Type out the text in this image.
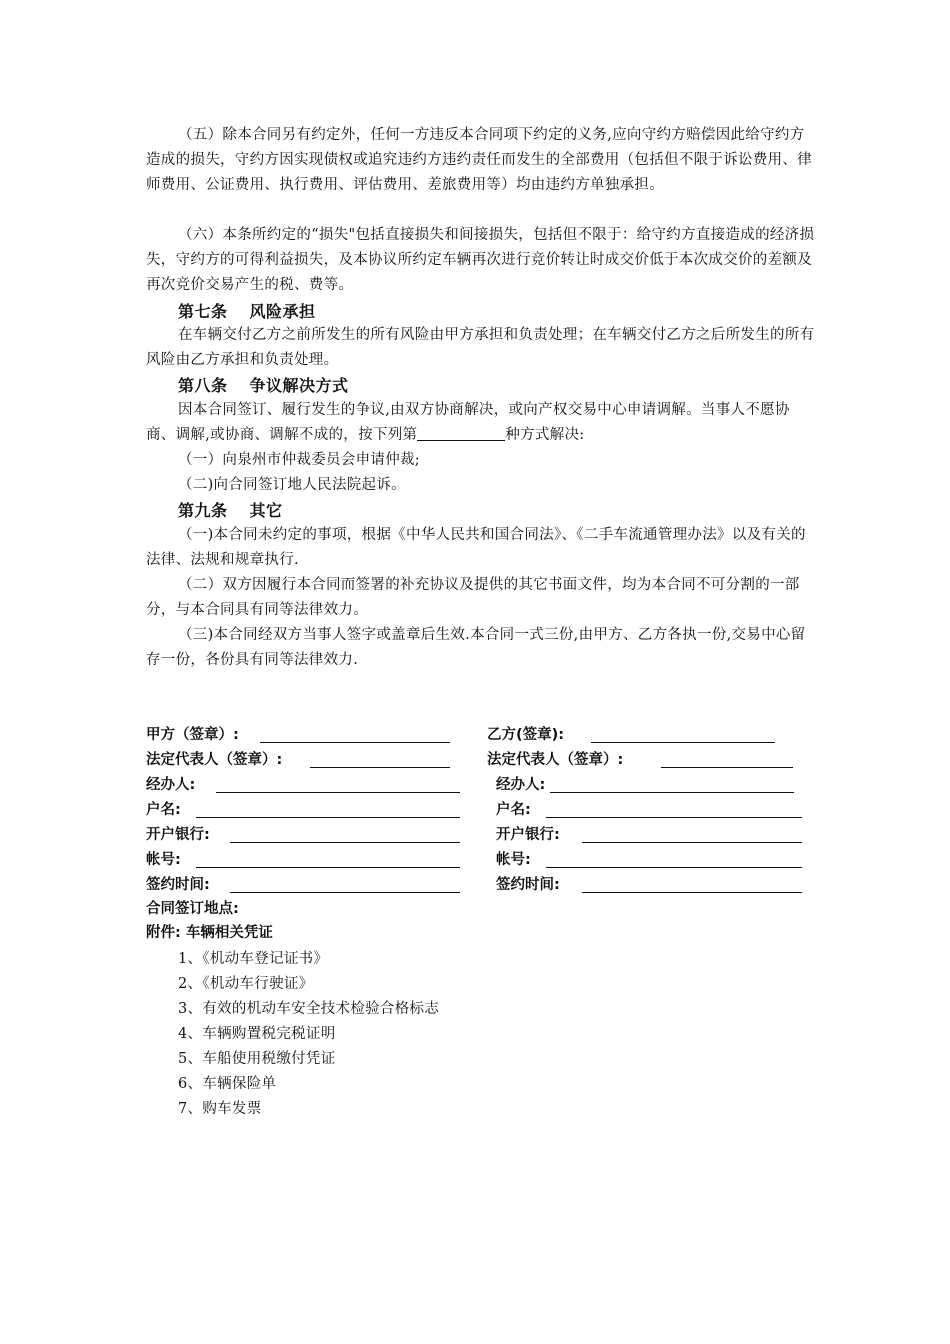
（五）除本合同另有约定外，任何一方违反本合同项下约定的义务,应向守约方赔偿因此给守约方造成的损失，守约方因实现债权或追究违约方违约责任而发生的全部费用（包括但不限于诉讼费用、律师费用、公证费用、执行费用、评估费用、差旅费用等）均由违约方单独承担。
（六）本条所约定的“损失"包括直接损失和间接损失，包括但不限于：给守约方直接造成的经济损失，守约方的可得利益损失，及本协议所约定车辆再次进行竞价转让时成交价低于本次成交价的差额及再次竞价交易产生的税、费等。
第七条 风险承担
在车辆交付乙方之前所发生的所有风险由甲方承担和负责处理；在车辆交付乙方之后所发生的所有风险由乙方承担和负责处理。
第八条 争议解决方式
因本合同签订、履行发生的争议,由双方协商解决，或向产权交易中心申请调解。当事人不愿协商、调解,或协商、调解不成的，按下列第	种方式解决:
（一）向泉州市仲裁委员会申请仲裁;
（二)向合同签订地人民法院起诉。
第九条 其它
（一)本合同未约定的事项，根据《中华人民共和国合同法》、《二手车流通管理办法》以及有关的法律、法规和规章执行.
（二）双方因履行本合同而签署的补充协议及提供的其它书面文件，均为本合同不可分割的一部分，与本合同具有同等法律效力。
（三)本合同经双方当事人签字或盖章后生效.本合同一式三份,由甲方、乙方各执一份,交易中心留存一份，各份具有同等法律效力.
甲方（签章）:
法定代表人（签章）:
经办人:
户名:
开户银行:
帐号:
签约时间:
合同签订地点:
乙方(签章):
法定代表人（签章）:
经办人:
户名:
开户银行:
帐号:
签约时间:
附件: 车辆相关凭证
1、《机动车登记证书》
2、《机动车行驶证》
3、有效的机动车安全技术检验合格标志
4、车辆购置税完税证明
5、车船使用税缴付凭证
6、车辆保险单
7、购车发票
